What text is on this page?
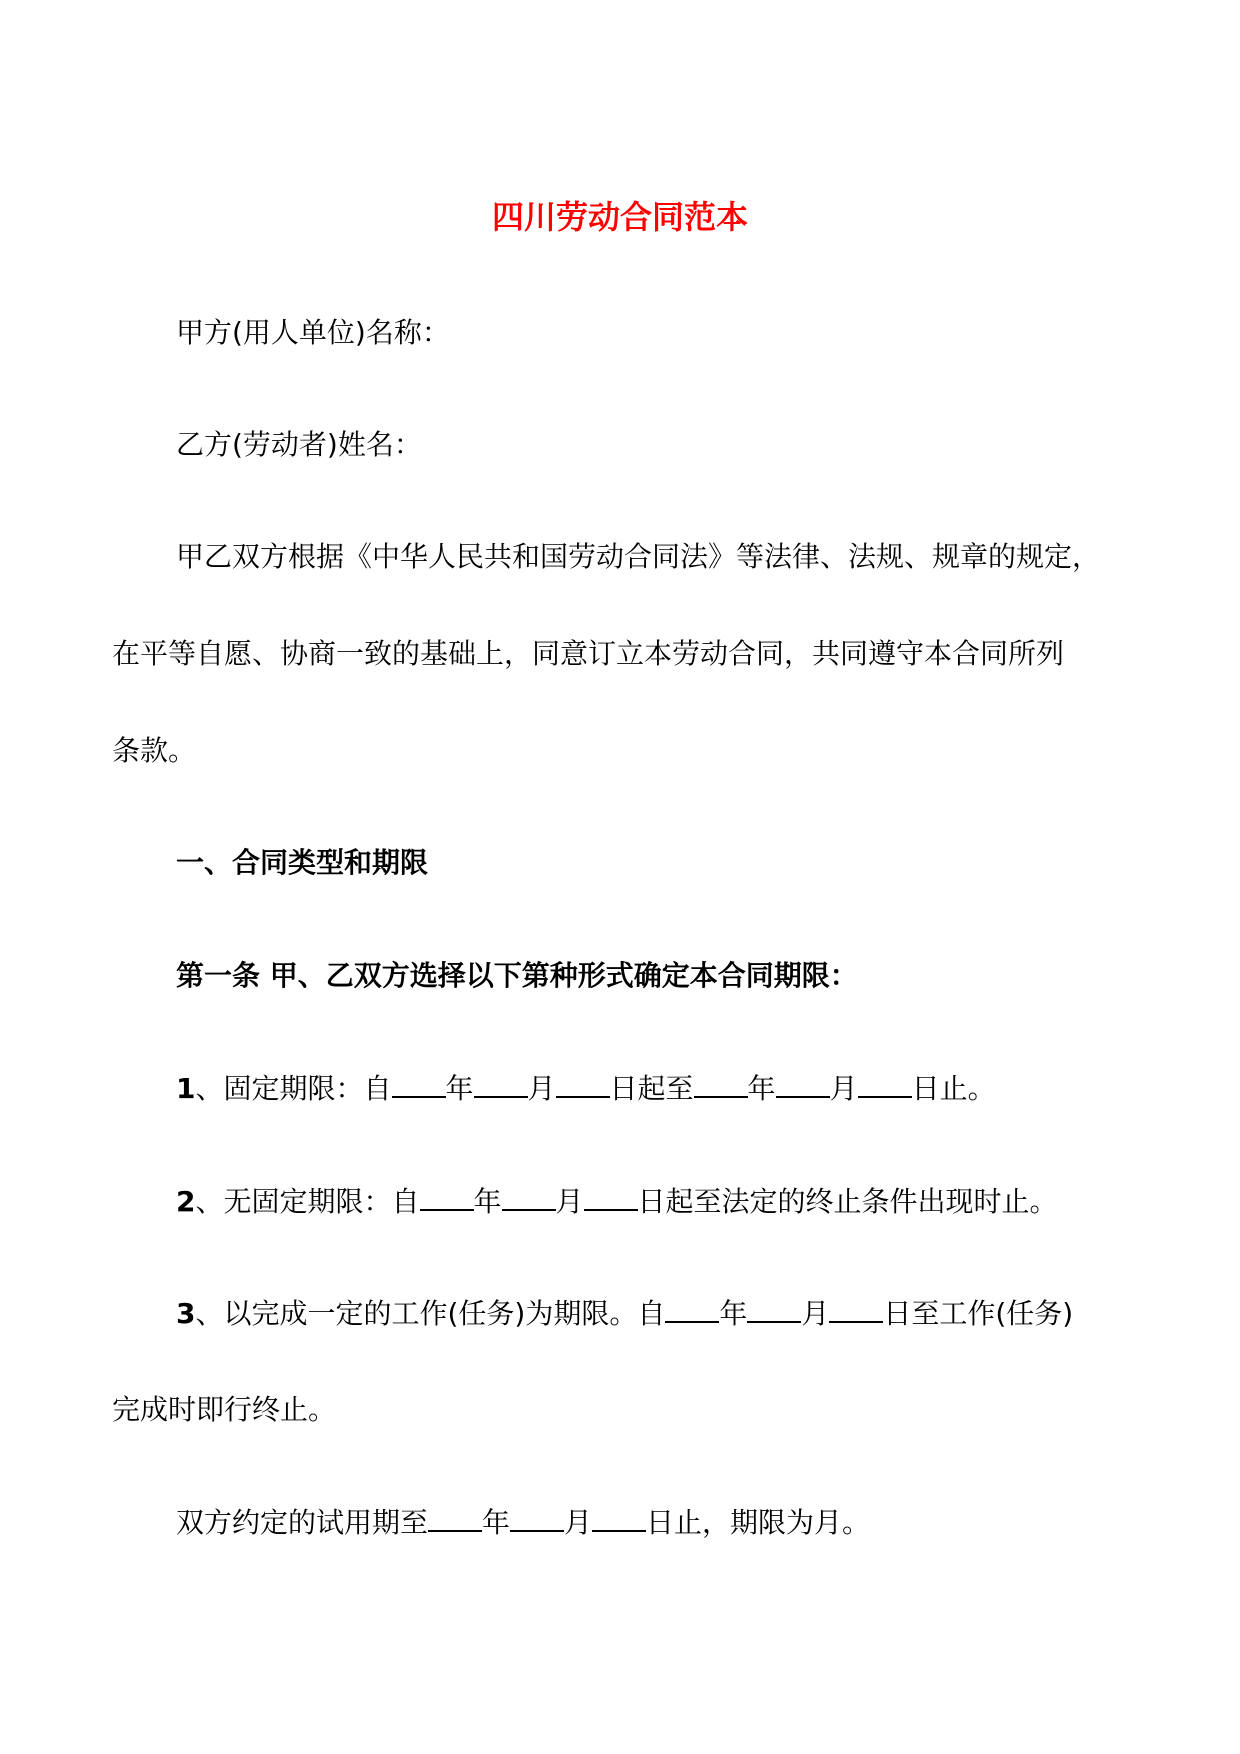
四川劳动合同范本
甲方(用人单位)名称：
乙方(劳动者)姓名：
甲乙双方根据《中华人民共和国劳动合同法》等法律、法规、规章的规定，
在平等自愿、协商一致的基础上，同意订立本劳动合同，共同遵守本合同所列
条款。
一、合同类型和期限
第一条 甲、乙双方选择以下第种形式确定本合同期限：
1、固定期限：自 年 月 日起至 年 月 日止。
2、无固定期限：自 年 月 日起至法定的终止条件出现时止。
3、以完成一定的工作(任务)为期限。自 年 月 日至工作(任务)
完成时即行终止。
双方约定的试用期至 年 月 日止，期限为月。
